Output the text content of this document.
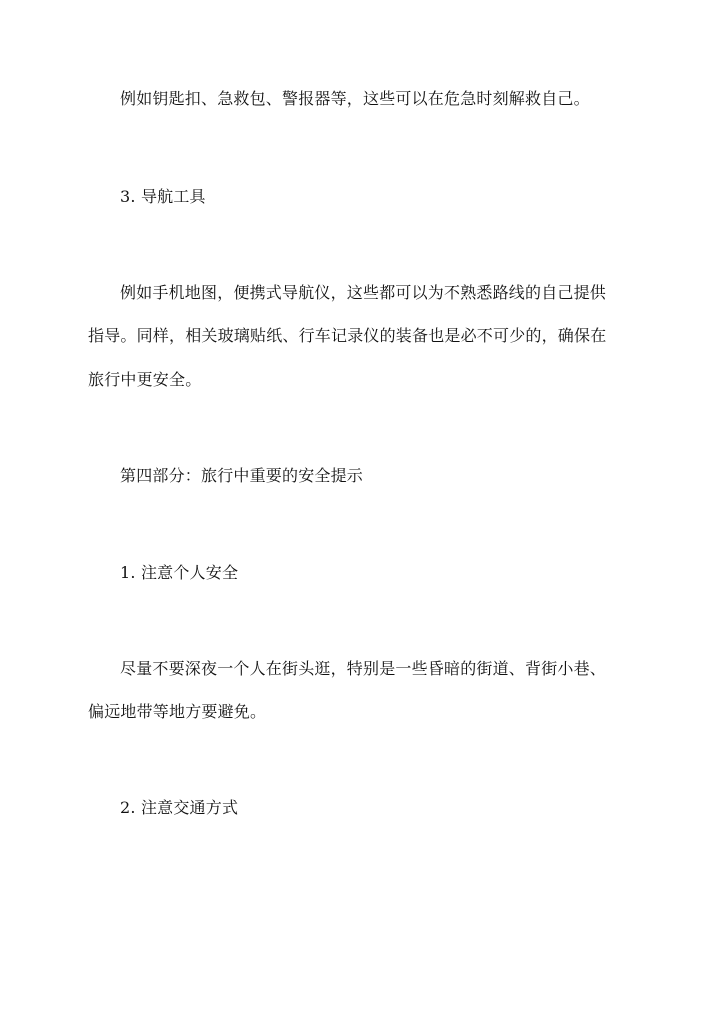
例如钥匙扣、急救包、警报器等，这些可以在危急时刻解救自己。

3. 导航工具

例如手机地图，便携式导航仪，这些都可以为不熟悉路线的自己提供

指导。同样，相关玻璃贴纸、行车记录仪的装备也是必不可少的，确保在

旅行中更安全。

第四部分：旅行中重要的安全提示

1. 注意个人安全

尽量不要深夜一个人在街头逛，特别是一些昏暗的街道、背街小巷、

偏远地带等地方要避免。

2. 注意交通方式
